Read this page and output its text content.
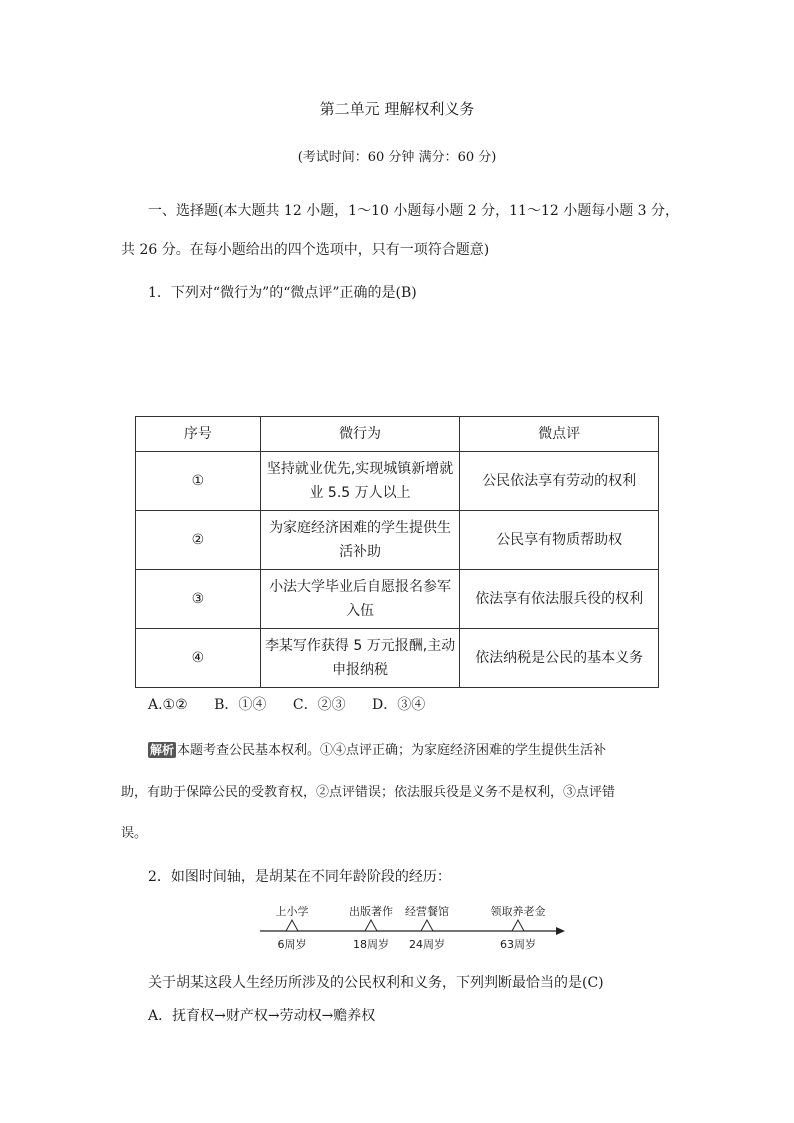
第二单元 理解权利义务
(考试时间：60 分钟 满分：60 分)
一、选择题(本大题共 12 小题，1～10 小题每小题 2 分，11～12 小题每小题 3 分，
共 26 分。在每小题给出的四个选项中，只有一项符合题意)
1．下列对“微行为”的“微点评”正确的是(B)
序号	微行为	微点评
①	坚持就业优先,实现城镇新增就业 5.5 万人以上	公民依法享有劳动的权利
②	为家庭经济困难的学生提供生活补助	公民享有物质帮助权
③	小法大学毕业后自愿报名参军入伍	依法享有依法服兵役的权利
④	李某写作获得 5 万元报酬,主动申报纳税	依法纳税是公民的基本义务
A.①② B．①④ C．②③ D．③④
解析 本题考查公民基本权利。①④点评正确；为家庭经济困难的学生提供生活补
助，有助于保障公民的受教育权，②点评错误；依法服兵役是义务不是权利，③点评错
误。
2．如图时间轴，是胡某在不同年龄阶段的经历：
上小学	出版著作 经营餐馆	领取养老金
6周岁	18周岁 24周岁	63周岁
关于胡某这段人生经历所涉及的公民权利和义务，下列判断最恰当的是(C)
A．抚育权→财产权→劳动权→赡养权
